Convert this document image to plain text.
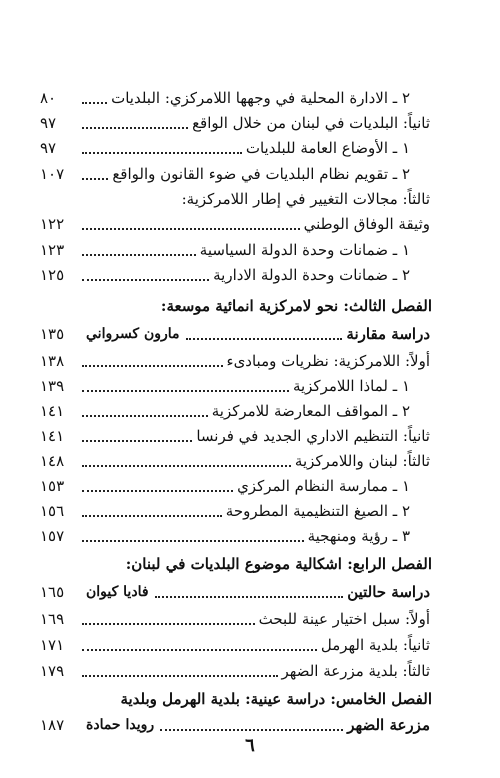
٢ ـ الادارة المحلية في وجهها اللامركزي: البلديات
٨٠
ثانياً: البلديات في لبنان من خلال الواقع
٩٧
١ ـ الأوضاع العامة للبلديات
٩٧
٢ ـ تقويم نظام البلديات في ضوء القانون والواقع
١٠٧
ثالثاً: مجالات التغيير في إطار اللامركزية:
وثيقة الوفاق الوطني
١٢٢
١ ـ ضمانات وحدة الدولة السياسية
١٢٣
٢ ـ ضمانات وحدة الدولة الادارية
١٢٥
الفصل الثالث: نحو لامركزية انمائية موسعة:
دراسة مقارنة
مارون كسرواني
١٣٥
أولاً: اللامركزية: نظريات ومبادىء
١٣٨
١ ـ لماذا اللامركزية
١٣٩
٢ ـ المواقف المعارضة للامركزية
١٤١
ثانياً: التنظيم الاداري الجديد في فرنسا
١٤١
ثالثاً: لبنان واللامركزية
١٤٨
١ ـ ممارسة النظام المركزي
١٥٣
٢ ـ الصيغ التنظيمية المطروحة
١٥٦
٣ ـ رؤية ومنهجية
١٥٧
الفصل الرابع: اشكالية موضوع البلديات في لبنان:
دراسة حالتين
فاديا كيوان
١٦٥
أولاً: سبل اختيار عينة للبحث
١٦٩
ثانياً: بلدية الهرمل
١٧١
ثالثاً: بلدية مزرعة الضهر
١٧٩
الفصل الخامس: دراسة عينية: بلدية الهرمل وبلدية
مزرعة الضهر
رويدا حمادة
١٨٧
٦
